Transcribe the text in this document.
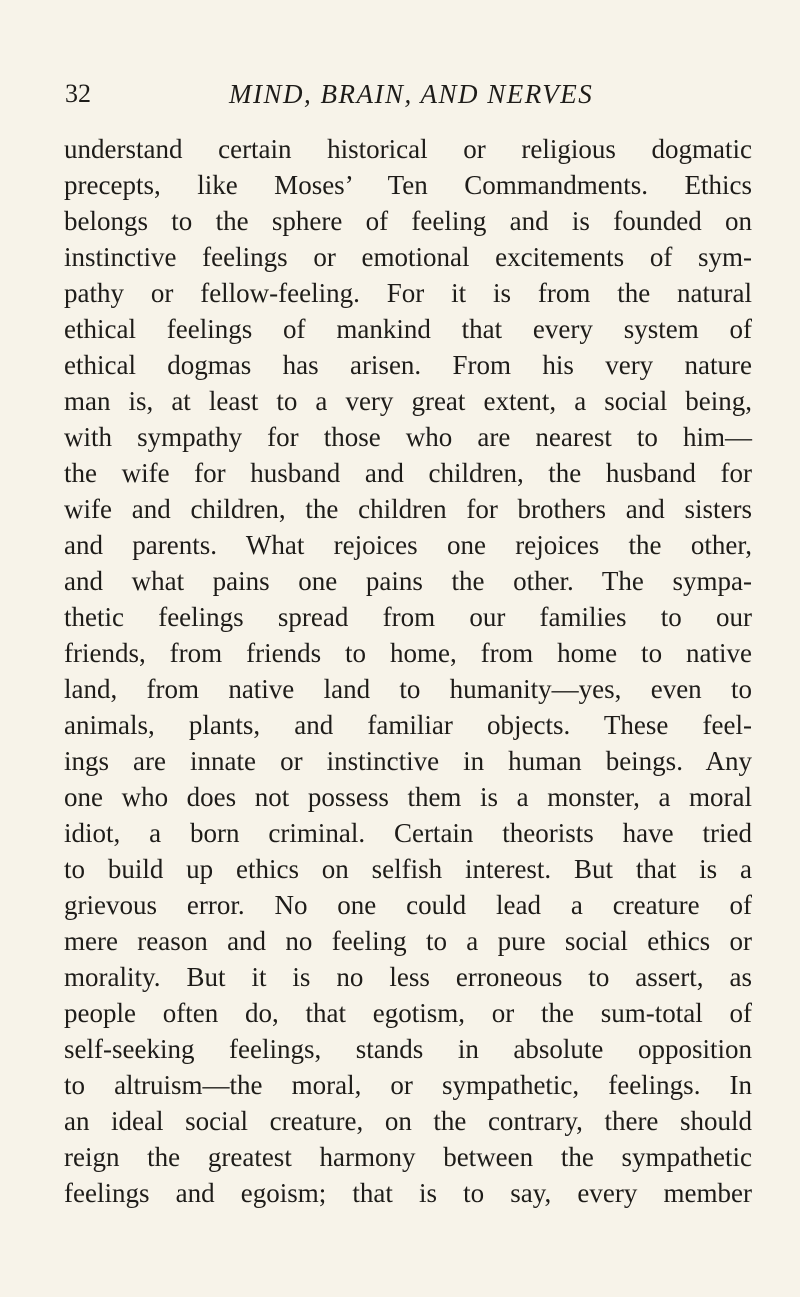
32	MIND, BRAIN, AND NERVES
understand certain historical or religious dogmatic
precepts, like Moses’ Ten Commandments. Ethics
belongs to the sphere of feeling and is founded on
instinctive feelings or emotional excitements of sym-
pathy or fellow-feeling. For it is from the natural
ethical feelings of mankind that every system of
ethical dogmas has arisen. From his very nature
man is, at least to a very great extent, a social being,
with sympathy for those who are nearest to him—
the wife for husband and children, the husband for
wife and children, the children for brothers and sisters
and parents. What rejoices one rejoices the other,
and what pains one pains the other. The sympa-
thetic feelings spread from our families to our
friends, from friends to home, from home to native
land, from native land to humanity—yes, even to
animals, plants, and familiar objects. These feel-
ings are innate or instinctive in human beings. Any
one who does not possess them is a monster, a moral
idiot, a born criminal. Certain theorists have tried
to build up ethics on selfish interest. But that is a
grievous error. No one could lead a creature of
mere reason and no feeling to a pure social ethics or
morality. But it is no less erroneous to assert, as
people often do, that egotism, or the sum-total of
self-seeking feelings, stands in absolute opposition
to altruism—the moral, or sympathetic, feelings. In
an ideal social creature, on the contrary, there should
reign the greatest harmony between the sympathetic
feelings and egoism; that is to say, every member
